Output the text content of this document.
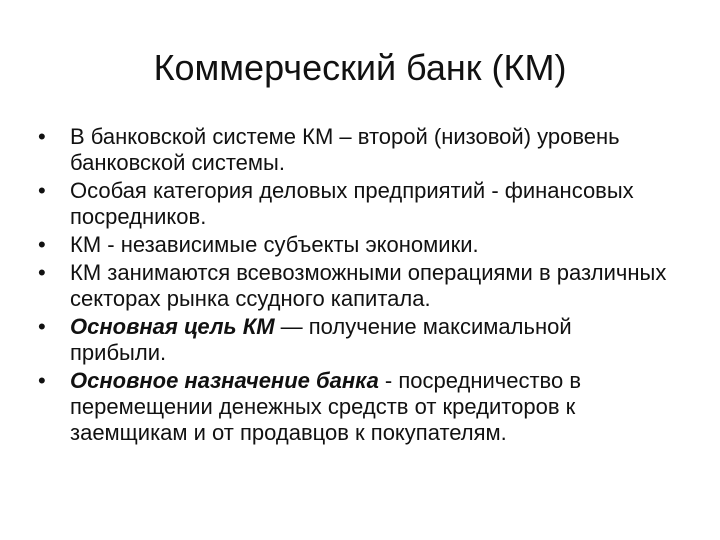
Коммерческий банк (КМ)
•	В банковской системе КМ – второй (низовой) уровень банковской системы.
•	Особая категория деловых предприятий - финансовых посредников.
•	КМ - независимые субъекты экономики.
•	КМ занимаются всевозможными операциями в различных секторах рынка ссудного капитала.
•	Основная цель КМ — получение максимальной прибыли.
•	Основное назначение банка - посредничество в перемещении денежных средств от кредиторов к заемщикам и от продавцов к покупателям.
